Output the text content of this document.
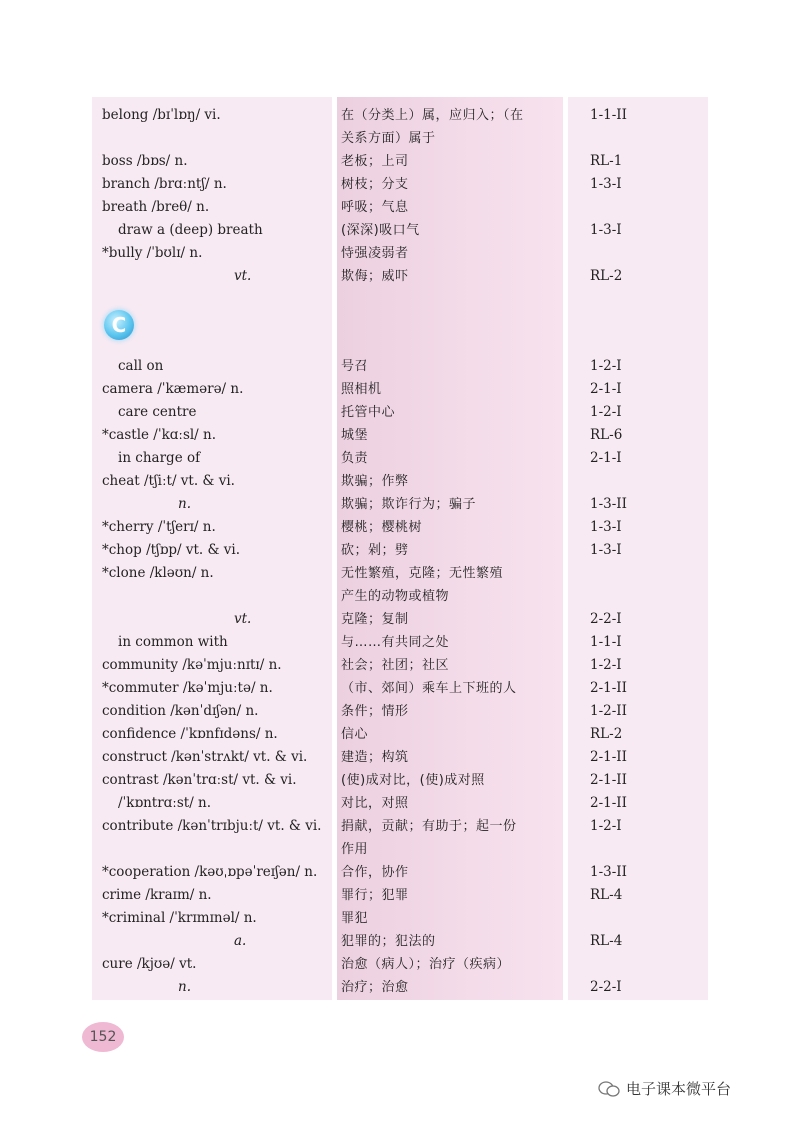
C
belong /bɪˈlɒŋ/ vi.	在（分类上）属，应归入；（在	1-1-II
关系方面）属于
boss /bɒs/ n.	老板；上司	RL-1
branch /brɑːntʃ/ n.	树枝；分支	1-3-I
breath /breθ/ n.	呼吸；气息
draw a (deep) breath	(深深)吸口气	1-3-I
*bully /ˈbʊlɪ/ n.	恃强凌弱者
vt.	欺侮；威吓	RL-2
call on	号召	1-2-I
camera /ˈkæmərə/ n.	照相机	2-1-I
care centre	托管中心	1-2-I
*castle /ˈkɑːsl/ n.	城堡	RL-6
in charge of	负责	2-1-I
cheat /tʃiːt/ vt. & vi.	欺骗；作弊
n.	欺骗；欺诈行为；骗子	1-3-II
*cherry /ˈtʃerɪ/ n.	樱桃；樱桃树	1-3-I
*chop /tʃɒp/ vt. & vi.	砍；剁；劈	1-3-I
*clone /kləʊn/ n.	无性繁殖，克隆；无性繁殖
产生的动物或植物
vt.	克隆；复制	2-2-I
in common with	与……有共同之处	1-1-I
community /kəˈmjuːnɪtɪ/ n.	社会；社团；社区	1-2-I
*commuter /kəˈmjuːtə/ n.	（市、郊间）乘车上下班的人	2-1-II
condition /kənˈdɪʃən/ n.	条件；情形	1-2-II
confidence /ˈkɒnfɪdəns/ n.	信心	RL-2
construct /kənˈstrʌkt/ vt. & vi.	建造；构筑	2-1-II
contrast /kənˈtrɑːst/ vt. & vi.	(使)成对比，(使)成对照	2-1-II
/ˈkɒntrɑːst/ n.	对比，对照	2-1-II
contribute /kənˈtrɪbjuːt/ vt. & vi. 捐献，贡献；有助于；起一份	1-2-I
作用
*cooperation /kəʊˌɒpəˈreɪʃən/ n. 合作，协作	1-3-II
crime /kraɪm/ n.	罪行；犯罪	RL-4
*criminal /ˈkrɪmɪnəl/ n.	罪犯
a.	犯罪的；犯法的	RL-4
cure /kjʊə/ vt.	治愈（病人）；治疗（疾病）
n.	治疗；治愈	2-2-I
152
电子课本微平台
